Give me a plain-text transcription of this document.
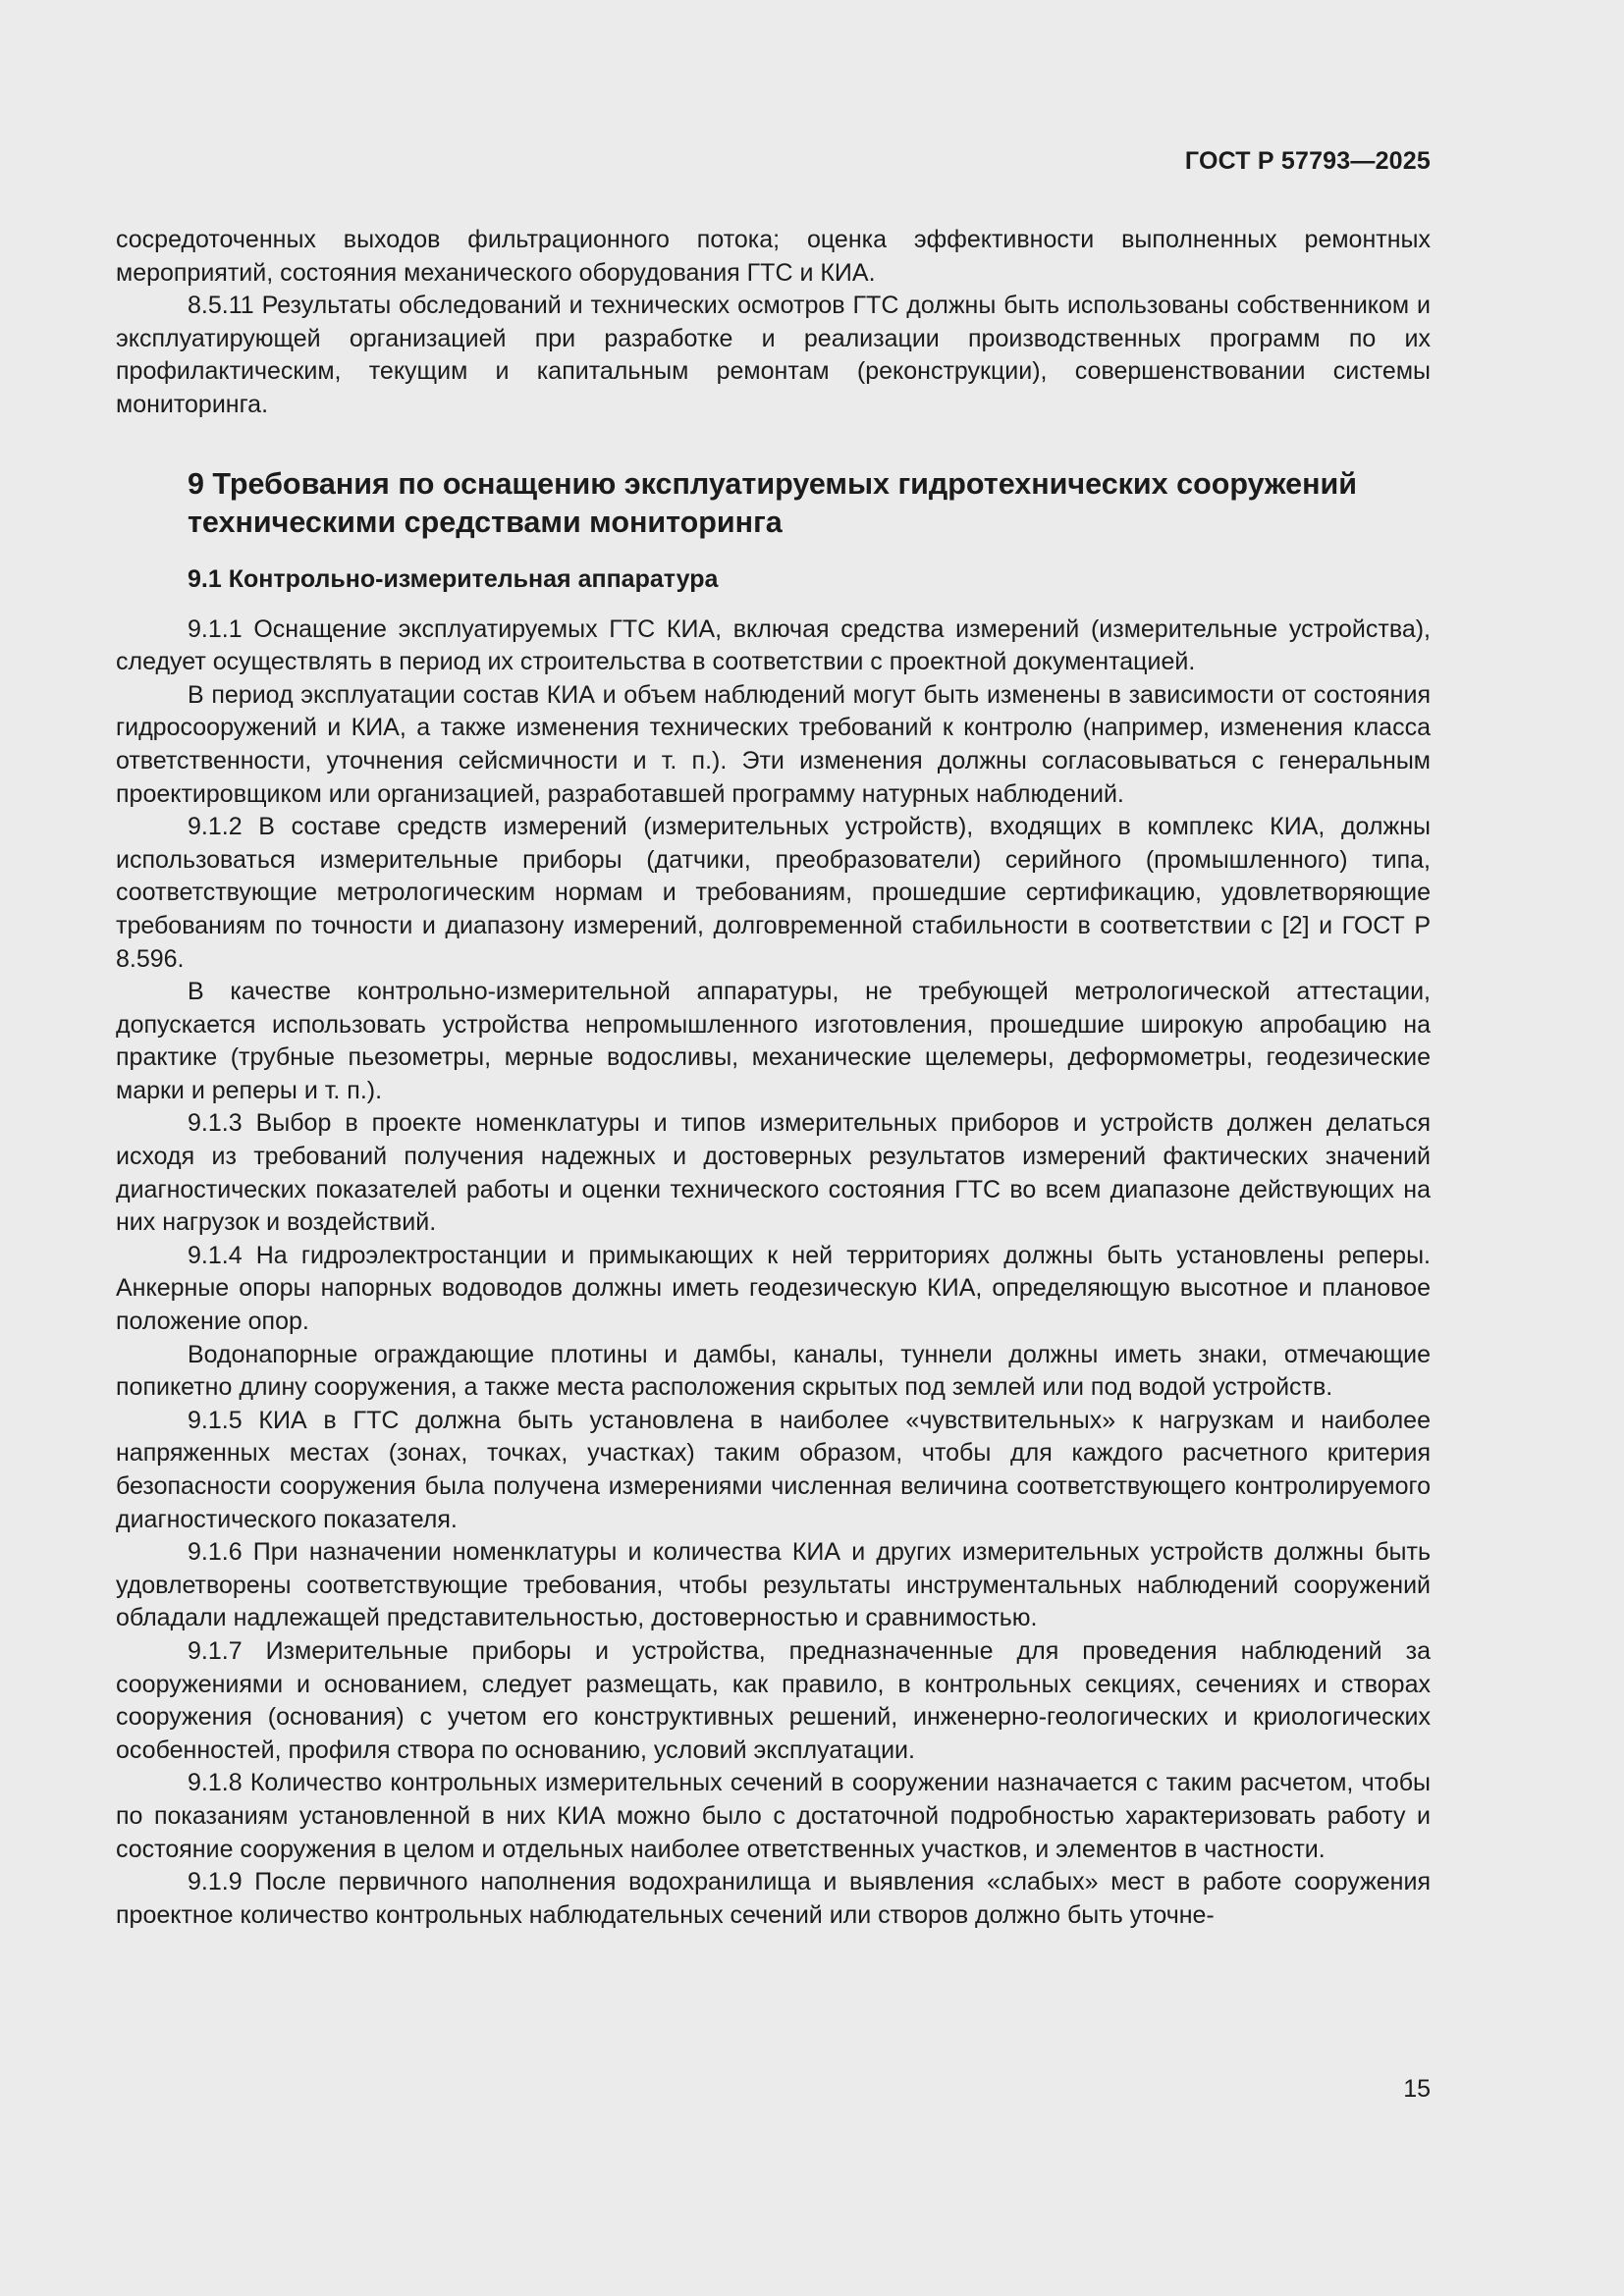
ГОСТ Р 57793—2025

сосредоточенных выходов фильтрационного потока; оценка эффективности выполненных ремонтных мероприятий, состояния механического оборудования ГТС и КИА.

8.5.11 Результаты обследований и технических осмотров ГТС должны быть использованы собственником и эксплуатирующей организацией при разработке и реализации производственных программ по их профилактическим, текущим и капитальным ремонтам (реконструкции), совершенствовании системы мониторинга.

9 Требования по оснащению эксплуатируемых гидротехнических сооружений техническими средствами мониторинга
9.1 Контрольно-измерительная аппаратура

9.1.1 Оснащение эксплуатируемых ГТС КИА, включая средства измерений (измерительные устройства), следует осуществлять в период их строительства в соответствии с проектной документацией.

В период эксплуатации состав КИА и объем наблюдений могут быть изменены в зависимости от состояния гидросооружений и КИА, а также изменения технических требований к контролю (например, изменения класса ответственности, уточнения сейсмичности и т. п.). Эти изменения должны согласовываться с генеральным проектировщиком или организацией, разработавшей программу натурных наблюдений.

9.1.2 В составе средств измерений (измерительных устройств), входящих в комплекс КИА, должны использоваться измерительные приборы (датчики, преобразователи) серийного (промышленного) типа, соответствующие метрологическим нормам и требованиям, прошедшие сертификацию, удовлетворяющие требованиям по точности и диапазону измерений, долговременной стабильности в соответствии с [2] и ГОСТ Р 8.596.

В качестве контрольно-измерительной аппаратуры, не требующей метрологической аттестации, допускается использовать устройства непромышленного изготовления, прошедшие широкую апробацию на практике (трубные пьезометры, мерные водосливы, механические щелемеры, деформометры, геодезические марки и реперы и т. п.).

9.1.3 Выбор в проекте номенклатуры и типов измерительных приборов и устройств должен делаться исходя из требований получения надежных и достоверных результатов измерений фактических значений диагностических показателей работы и оценки технического состояния ГТС во всем диапазоне действующих на них нагрузок и воздействий.

9.1.4 На гидроэлектростанции и примыкающих к ней территориях должны быть установлены реперы. Анкерные опоры напорных водоводов должны иметь геодезическую КИА, определяющую высотное и плановое положение опор.

Водонапорные ограждающие плотины и дамбы, каналы, туннели должны иметь знаки, отмечающие попикетно длину сооружения, а также места расположения скрытых под землей или под водой устройств.

9.1.5 КИА в ГТС должна быть установлена в наиболее «чувствительных» к нагрузкам и наиболее напряженных местах (зонах, точках, участках) таким образом, чтобы для каждого расчетного критерия безопасности сооружения была получена измерениями численная величина соответствующего контролируемого диагностического показателя.

9.1.6 При назначении номенклатуры и количества КИА и других измерительных устройств должны быть удовлетворены соответствующие требования, чтобы результаты инструментальных наблюдений сооружений обладали надлежащей представительностью, достоверностью и сравнимостью.

9.1.7 Измерительные приборы и устройства, предназначенные для проведения наблюдений за сооружениями и основанием, следует размещать, как правило, в контрольных секциях, сечениях и створах сооружения (основания) с учетом его конструктивных решений, инженерно-геологических и криологических особенностей, профиля створа по основанию, условий эксплуатации.

9.1.8 Количество контрольных измерительных сечений в сооружении назначается с таким расчетом, чтобы по показаниям установленной в них КИА можно было с достаточной подробностью характеризовать работу и состояние сооружения в целом и отдельных наиболее ответственных участков, и элементов в частности.

9.1.9 После первичного наполнения водохранилища и выявления «слабых» мест в работе сооружения проектное количество контрольных наблюдательных сечений или створов должно быть уточне-

15
